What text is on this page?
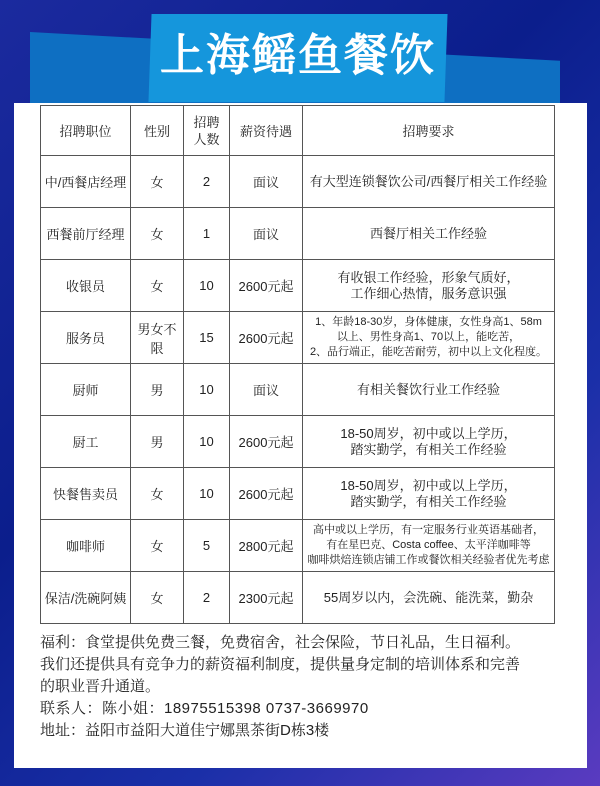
上海鳐鱼餐饮
招聘职位	性别	招聘人数	薪资待遇	招聘要求
中/西餐店经理	女	2	面议	有大型连锁餐饮公司/西餐厅相关工作经验

西餐前厅经理	女	1	面议	西餐厅相关工作经验

收银员	女	10	2600元起	有收银工作经验，形象气质好，
工作细心热情，服务意识强

服务员	男女不限	15	2600元起	1、年龄18-30岁，身体健康，女性身高1、58m
以上、男性身高1、70以上，能吃苦，
2、品行端正，能吃苦耐劳，初中以上文化程度。

厨师	男	10	面议	有相关餐饮行业工作经验

厨工	男	10	2600元起	18-50周岁，初中或以上学历，
踏实勤学，有相关工作经验

快餐售卖员	女	10	2600元起	18-50周岁，初中或以上学历，
踏实勤学，有相关工作经验

咖啡师	女	5	2800元起	高中或以上学历，有一定服务行业英语基础者，
有在星巴克、Costa coffee、太平洋咖啡等
咖啡烘焙连锁店铺工作或餐饮相关经验者优先考虑

保洁/洗碗阿姨	女	2	2300元起	55周岁以内，会洗碗、能洗菜，勤杂
福利：食堂提供免费三餐，免费宿舍，社会保险，节日礼品，生日福利。
我们还提供具有竞争力的薪资福利制度，提供量身定制的培训体系和完善
的职业晋升通道。
联系人：陈小姐：18975515398 0737-3669970
地址：益阳市益阳大道佳宁娜黑茶街D栋3楼
